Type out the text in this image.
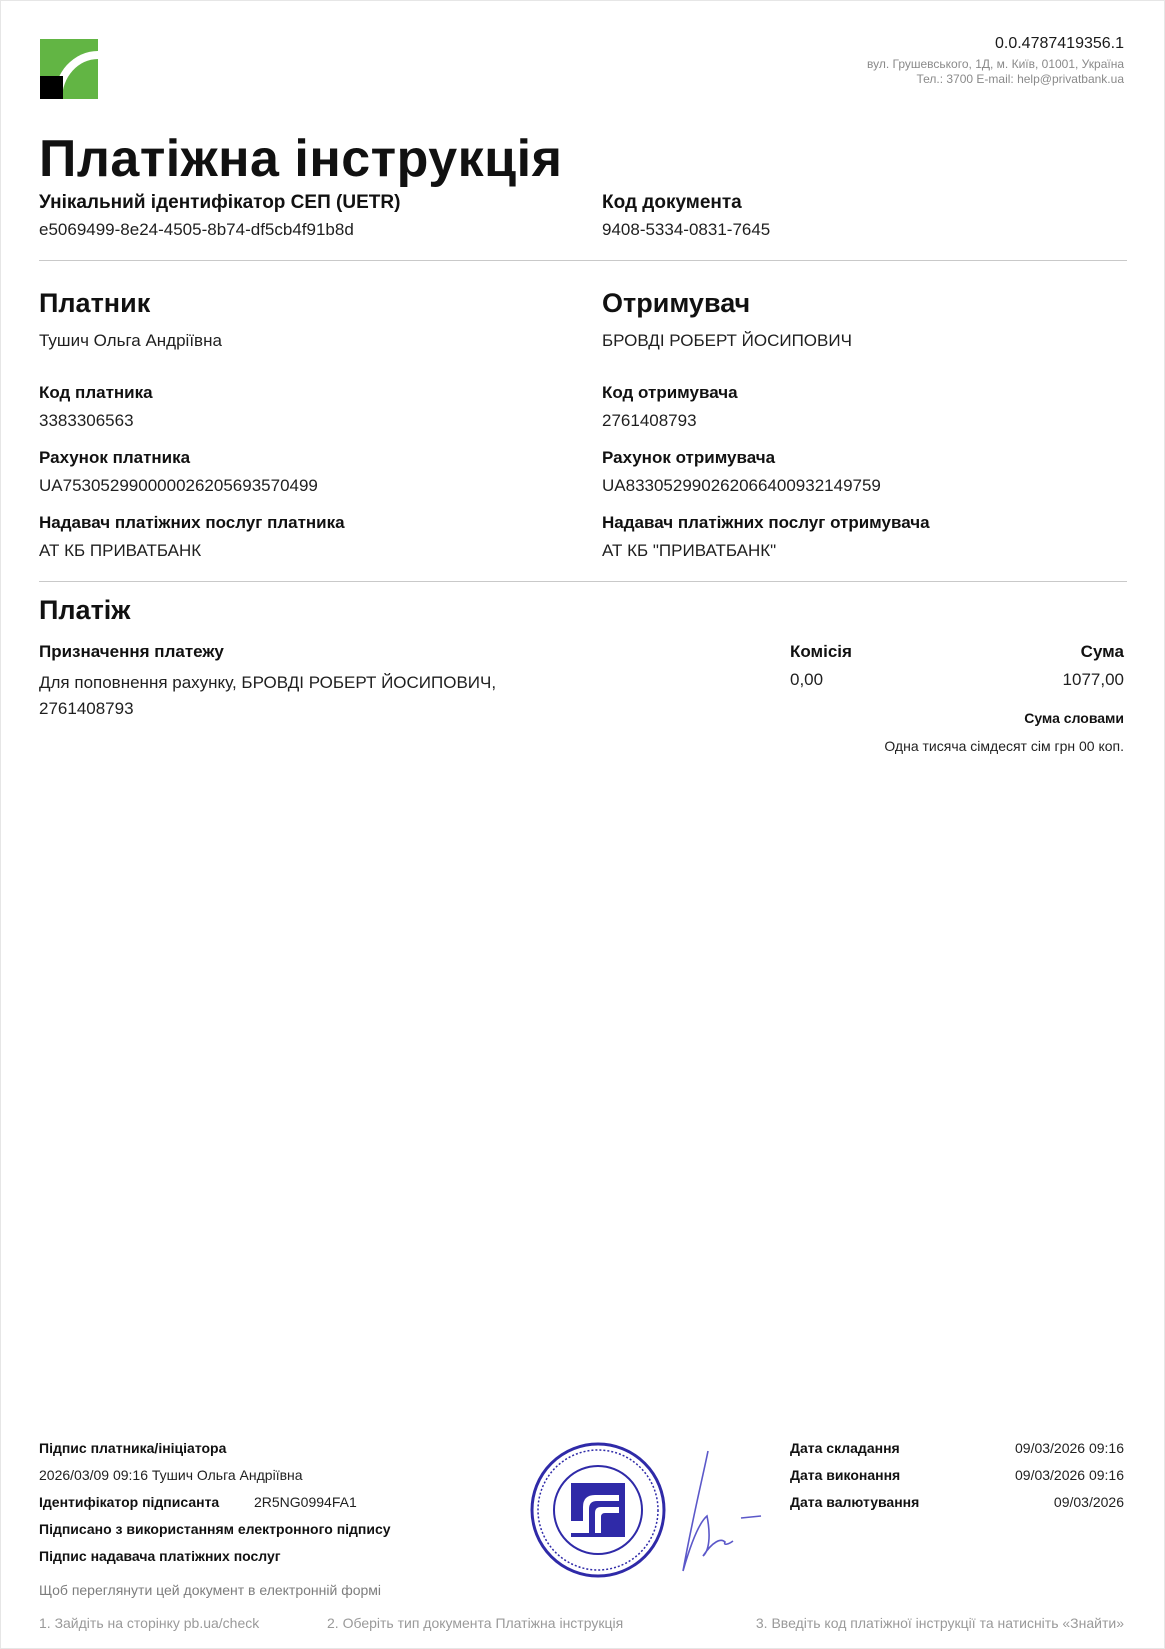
0.0.4787419356.1
вул. Грушевського, 1Д, м. Київ, 01001, Україна
Тел.: 3700 E-mail: help@privatbank.ua
Платіжна інструкція
Унікальний ідентифікатор СЕП (UETR)
e5069499-8e24-4505-8b74-df5cb4f91b8d
Код документа
9408-5334-0831-7645
Платник
Тушич Ольга Андріївна
Код платника
3383306563
Рахунок платника
UA753052990000026205693570499
Надавач платіжних послуг платника
АТ КБ ПРИВАТБАНК
Отримувач
БРОВДІ РОБЕРТ ЙОСИПОВИЧ
Код отримувача
2761408793
Рахунок отримувача
UA833052990262066400932149759
Надавач платіжних послуг отримувача
АТ КБ "ПРИВАТБАНК"
Платіж
Призначення платежу
Для поповнення рахунку, БРОВДІ РОБЕРТ ЙОСИПОВИЧ, 2761408793
Комісія
0,00
Сума
1077,00
Сума словами
Одна тисяча сімдесят сім грн 00 коп.
Підпис платника/ініціатора
2026/03/09 09:16 Тушич Ольга Андріївна
Ідентифікатор підписанта 2R5NG0994FA1
Підписано з використанням електронного підпису
Підпис надавача платіжних послуг
Дата складання	09/03/2026 09:16
Дата виконання	09/03/2026 09:16
Дата валютування	09/03/2026
Щоб переглянути цей документ в електронній формі
1. Зайдіть на сторінку pb.ua/check	2. Оберіть тип документа Платіжна інструкція	3. Введіть код платіжної інструкції та натисніть «Знайти»
